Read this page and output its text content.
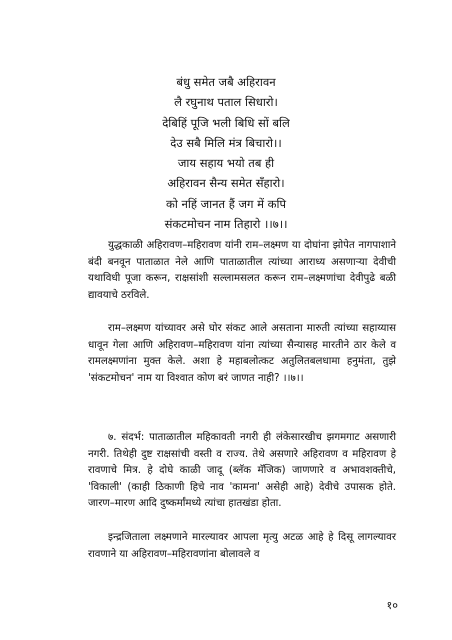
बंधु समेत जबै अहिरावन
लै रघुनाथ पताल सिधारो।
देबिहिं पूजि भली बिधि सों बलि
देउ सबै मिलि मंत्र बिचारो।।
जाय सहाय भयो तब ही
अहिरावन सैन्य समेत सँहारो।
को नहिं जानत हैं जग में कपि
संकटमोचन नाम तिहारो ।।७।।

युद्धकाळी अहिरावण–महिरावण यांनी राम–लक्ष्मण या दोघांना झोपेत नागपाशाने बंदी बनवून पाताळात नेले आणि पाताळातील त्यांच्या आराध्य असणाऱ्या देवीची यथाविधी पूजा करून, राक्षसांशी सल्लामसलत करून राम–लक्ष्मणांचा देवीपुढे बळी द्यावयाचे ठरविले.

राम–लक्ष्मण यांच्यावर असे घोर संकट आले असताना मारुती त्यांच्या सहाय्यास धावून गेला आणि अहिरावण–महिरावण यांना त्यांच्या सैन्यासह मारतीने ठार केले व रामलक्ष्मणांना मुक्त केले. अशा हे महाबलोत्कट अतुलितबलधामा हनुमंता, तुझे 'संकटमोचन' नाम या विश्वात कोण बरं जाणत नाही? ।।७।।

७. संदर्भ: पाताळातील महिकावती नगरी ही लंकेसारखीच झगमगाट असणारी नगरी. तिथेही दुष्ट राक्षसांची वस्ती व राज्य. तेथे असणारे अहिरावण व महिरावण हे रावणाचे मित्र. हे दोघे काळी जादू (ब्लॅक मॅजिक) जाणणारे व अभावशक्तीचे, 'विकाली' (काही ठिकाणी हिचे नाव 'कामना' असेही आहे) देवीचे उपासक होते. जारण–मारण आदि दुष्कर्मांमध्ये त्यांचा हातखंडा होता.

इन्द्रजिताला लक्ष्मणाने मारल्यावर आपला मृत्यु अटळ आहे हे दिसू लागल्यावर रावणाने या अहिरावण–महिरावणांना बोलावले व

१०
